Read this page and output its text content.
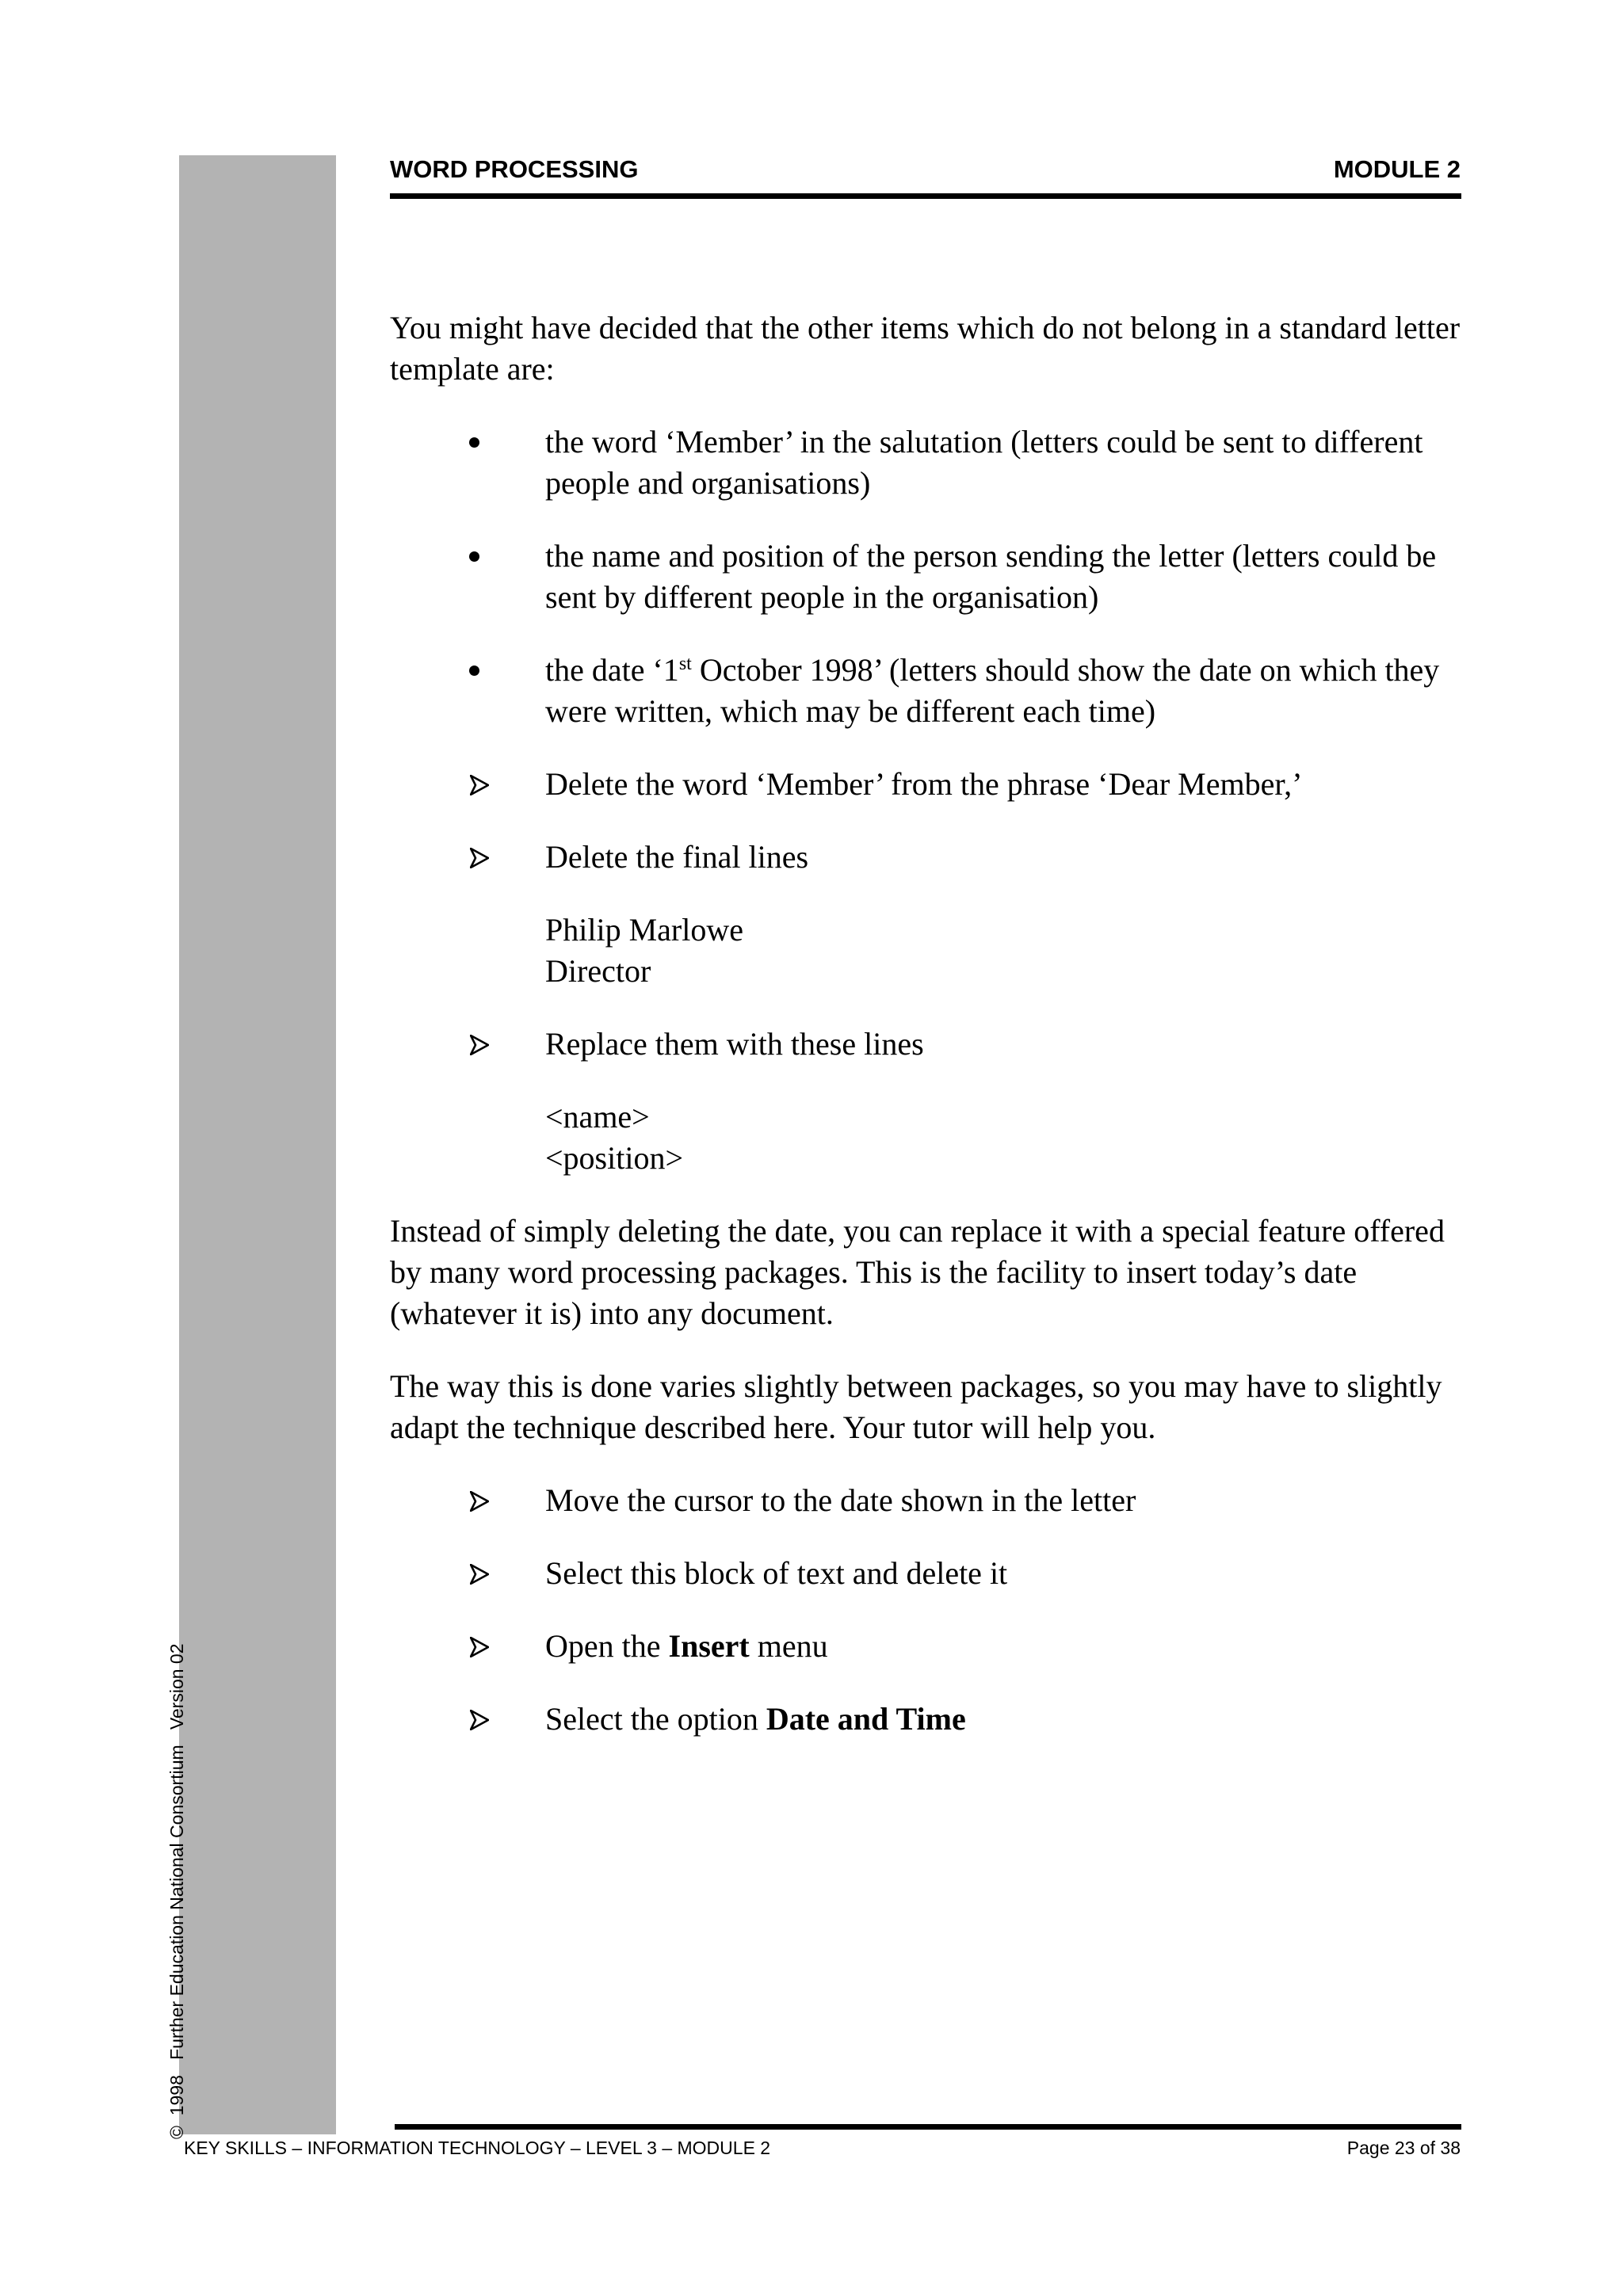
©  1998   Further Education National Consortium   Version 02
WORD PROCESSING	MODULE 2

You might have decided that the other items which do not belong in a standard letter template are:

the word ‘Member’ in the salutation (letters could be sent to different people and organisations)
the name and position of the person sending the letter (letters could be sent by different people in the organisation)
the date ‘1st October 1998’ (letters should show the date on which they were written, which may be different each time)
Delete the word ‘Member’ from the phrase ‘Dear Member,’
Delete the final lines
Philip Marlowe
Director
Replace them with these lines
<name>
<position>

Instead of simply deleting the date, you can replace it with a special feature offered by many word processing packages. This is the facility to insert today’s date (whatever it is) into any document.

The way this is done varies slightly between packages, so you may have to slightly adapt the technique described here. Your tutor will help you.

Move the cursor to the date shown in the letter
Select this block of text and delete it
Open the Insert menu
Select the option Date and Time
KEY SKILLS – INFORMATION TECHNOLOGY – LEVEL 3 – MODULE 2	Page 23 of 38
